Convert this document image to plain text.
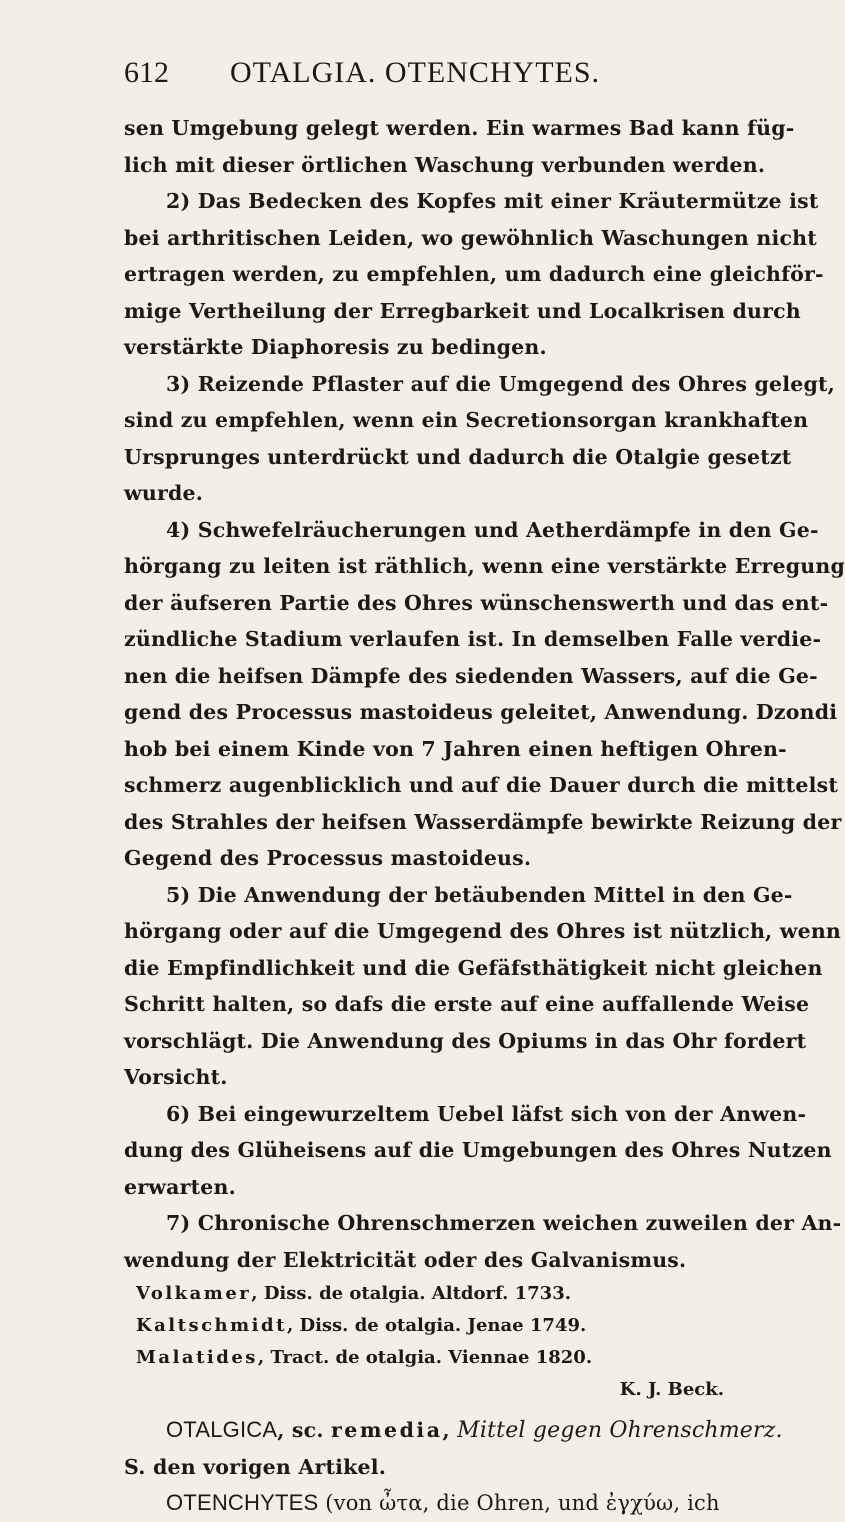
612 OTALGIA. OTENCHYTES.
sen Umgebung gelegt werden. Ein warmes Bad kann füg-
lich mit dieser örtlichen Waschung verbunden werden.
2) Das Bedecken des Kopfes mit einer Kräutermütze ist
bei arthritischen Leiden, wo gewöhnlich Waschungen nicht
ertragen werden, zu empfehlen, um dadurch eine gleichför-
mige Vertheilung der Erregbarkeit und Localkrisen durch
verstärkte Diaphoresis zu bedingen.
3) Reizende Pflaster auf die Umgegend des Ohres gelegt,
sind zu empfehlen, wenn ein Secretionsorgan krankhaften
Ursprunges unterdrückt und dadurch die Otalgie gesetzt
wurde.
4) Schwefelräucherungen und Aetherdämpfe in den Ge-
hörgang zu leiten ist räthlich, wenn eine verstärkte Erregung
der äufseren Partie des Ohres wünschenswerth und das ent-
zündliche Stadium verlaufen ist. In demselben Falle verdie-
nen die heifsen Dämpfe des siedenden Wassers, auf die Ge-
gend des Processus mastoideus geleitet, Anwendung. Dzondi
hob bei einem Kinde von 7 Jahren einen heftigen Ohren-
schmerz augenblicklich und auf die Dauer durch die mittelst
des Strahles der heifsen Wasserdämpfe bewirkte Reizung der
Gegend des Processus mastoideus.
5) Die Anwendung der betäubenden Mittel in den Ge-
hörgang oder auf die Umgegend des Ohres ist nützlich, wenn
die Empfindlichkeit und die Gefäfsthätigkeit nicht gleichen
Schritt halten, so dafs die erste auf eine auffallende Weise
vorschlägt. Die Anwendung des Opiums in das Ohr fordert
Vorsicht.
6) Bei eingewurzeltem Uebel läfst sich von der Anwen-
dung des Glüheisens auf die Umgebungen des Ohres Nutzen
erwarten.
7) Chronische Ohrenschmerzen weichen zuweilen der An-
wendung der Elektricität oder des Galvanismus.
Volkamer, Diss. de otalgia. Altdorf. 1733.
Kaltschmidt, Diss. de otalgia. Jenae 1749.
Malatides, Tract. de otalgia. Viennae 1820.
K. J. Beck.
OTALGICA, sc. remedia, Mittel gegen Ohrenschmerz.
S. den vorigen Artikel.
OTENCHYTES (von ὦτα, die Ohren, und ἐγχύω, ich
